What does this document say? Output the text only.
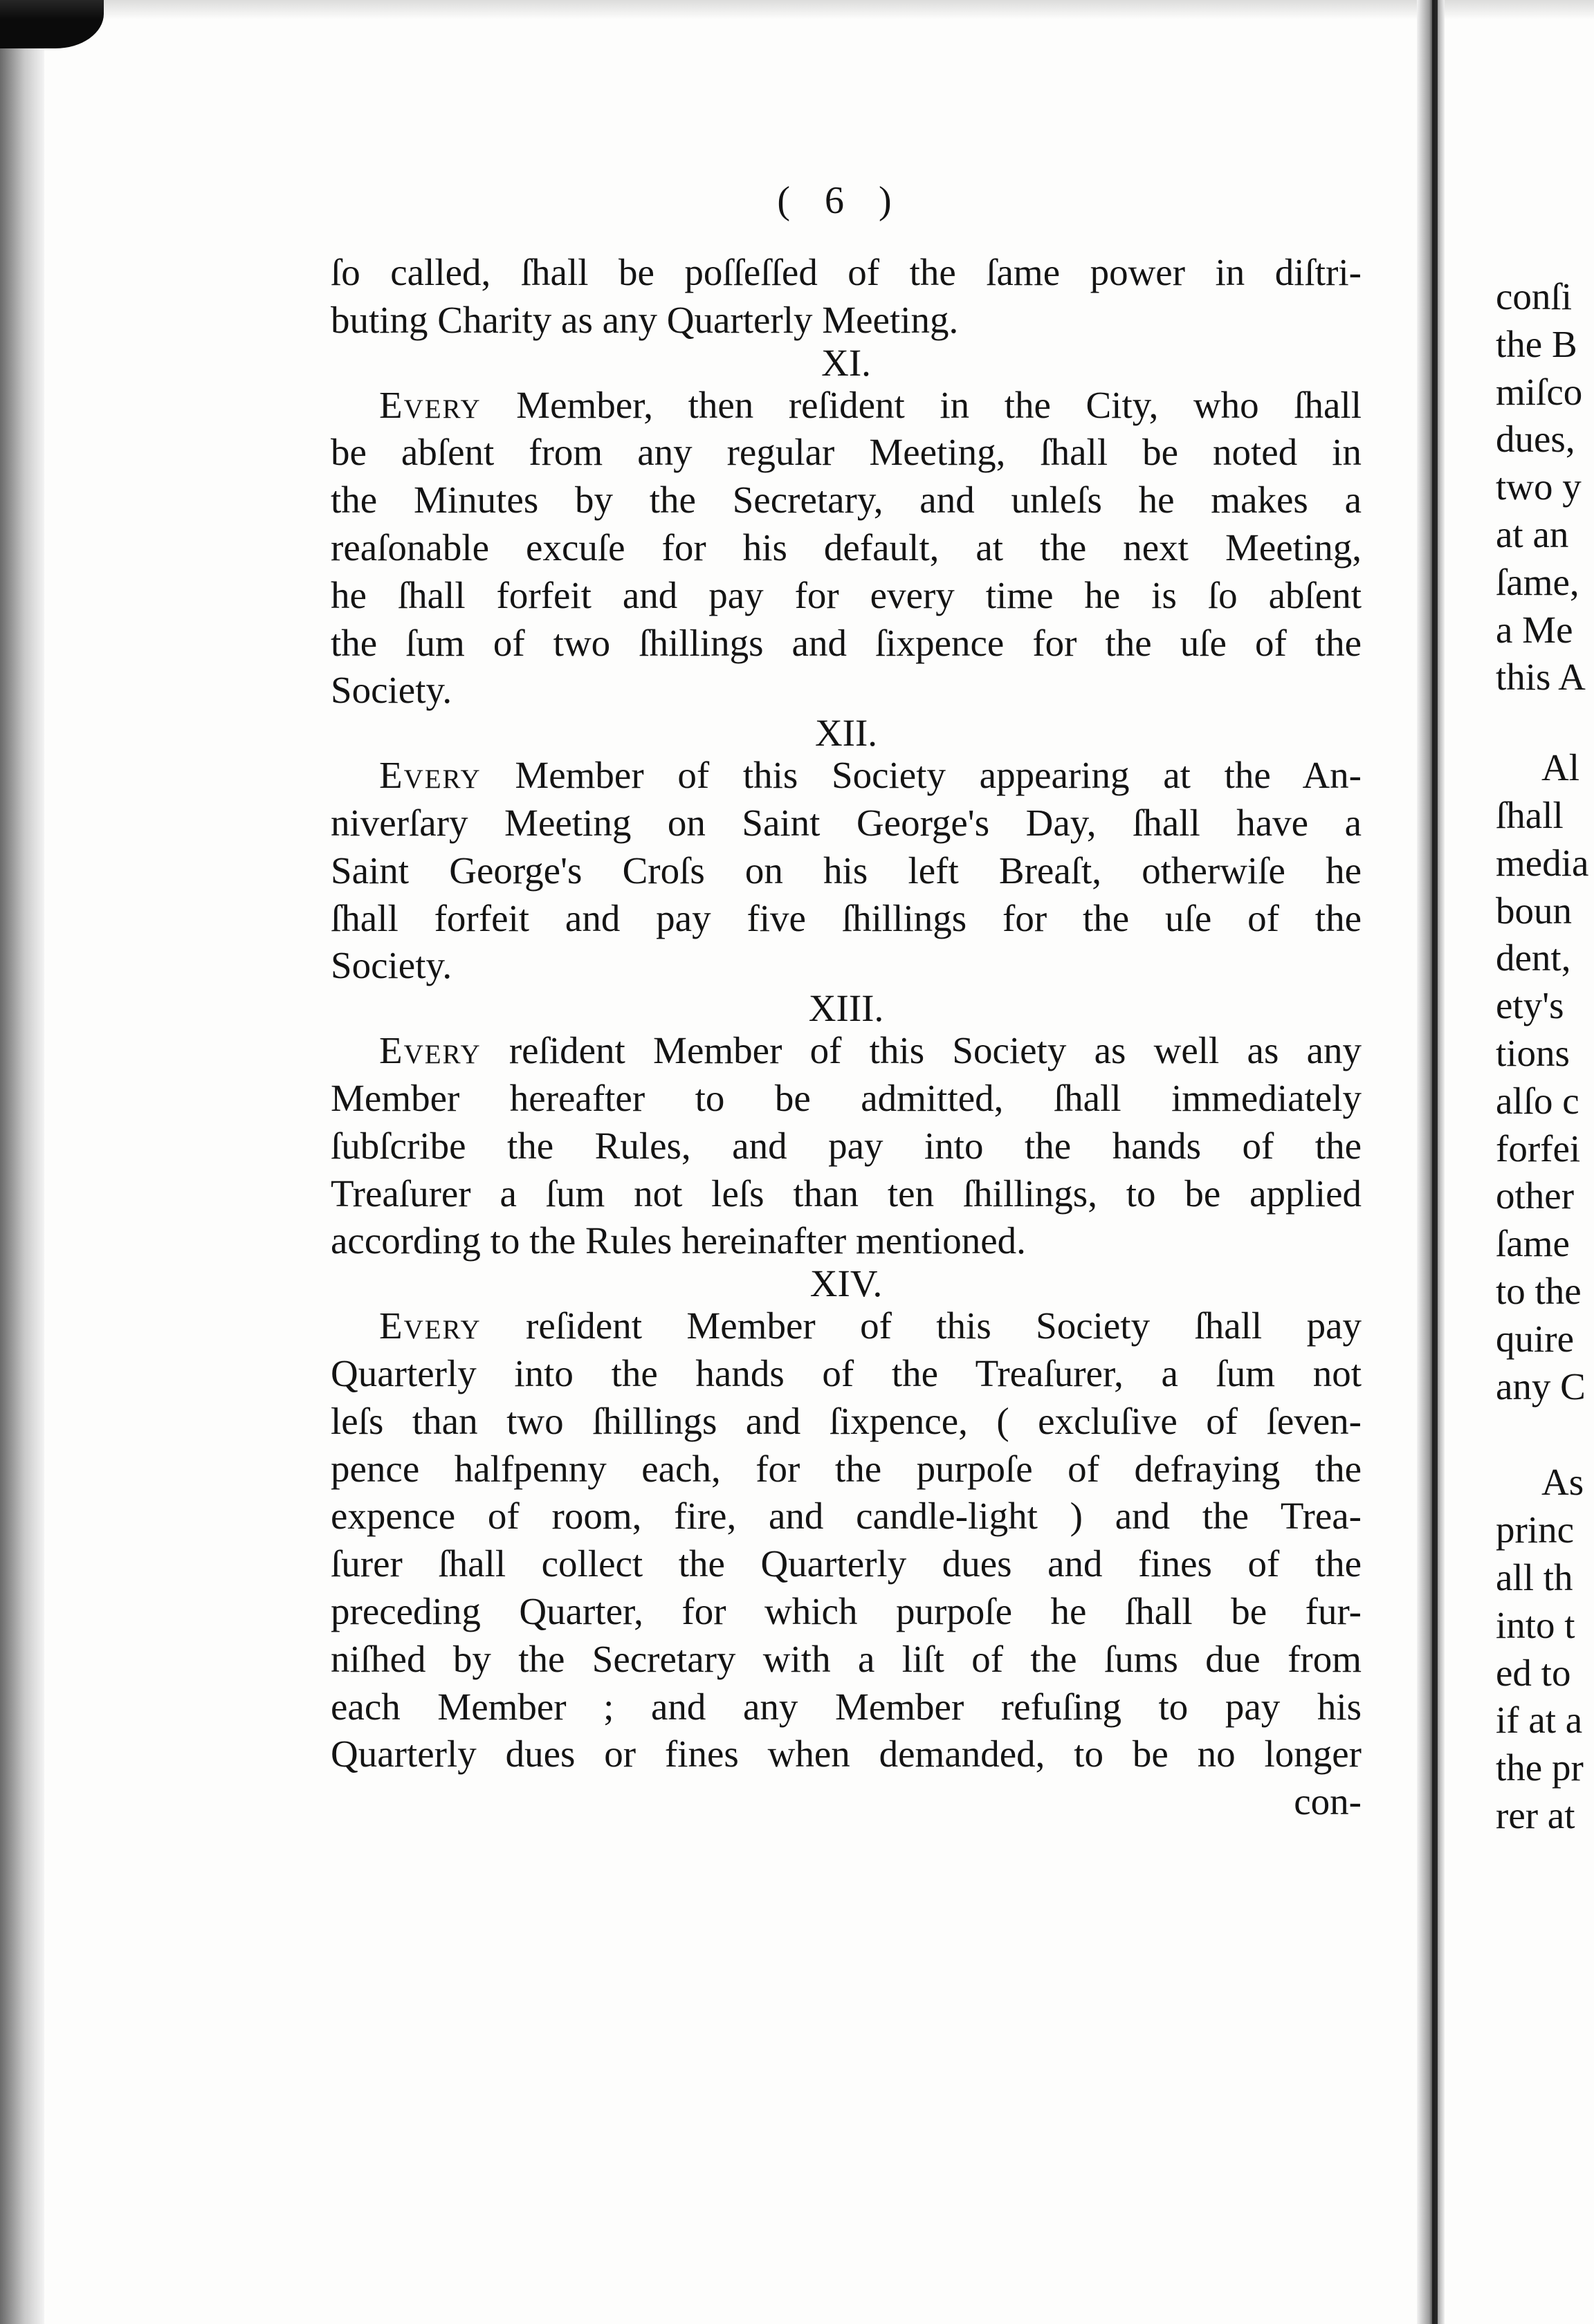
( 6 )
ſo called, ſhall be poſſeſſed of the ſame power in diſtri-
buting Charity as any Quarterly Meeting.
XI.
Every Member, then reſident in the City, who ſhall
be abſent from any regular Meeting, ſhall be noted in
the Minutes by the Secretary, and unleſs he makes a
reaſonable excuſe for his default, at the next Meeting,
he ſhall forfeit and pay for every time he is ſo abſent
the ſum of two ſhillings and ſixpence for the uſe of the
Society.
XII.
Every Member of this Society appearing at the An-
niverſary Meeting on Saint George's Day, ſhall have a
Saint George's Croſs on his left Breaſt, otherwiſe he
ſhall forfeit and pay five ſhillings for the uſe of the
Society.
XIII.
Every reſident Member of this Society as well as any
Member hereafter to be admitted, ſhall immediately
ſubſcribe the Rules, and pay into the hands of the
Treaſurer a ſum not leſs than ten ſhillings, to be applied
according to the Rules hereinafter mentioned.
XIV.
Every reſident Member of this Society ſhall pay
Quarterly into the hands of the Treaſurer, a ſum not
leſs than two ſhillings and ſixpence, ( excluſive of ſeven-
pence halfpenny each, for the purpoſe of defraying the
expence of room, fire, and candle-light ) and the Trea-
ſurer ſhall collect the Quarterly dues and fines of the
preceding Quarter, for which purpoſe he ſhall be fur-
niſhed by the Secretary with a liſt of the ſums due from
each Member ; and any Member refuſing to pay his
Quarterly dues or fines when demanded, to be no longer
con-
conſi
the B
miſco
dues,
two y
at an
ſame,
a Me
this A
Al
ſhall
media
boun
dent,
ety's
tions
alſo c
forfei
other
ſame
to the
quire
any C
As
princ
all th
into t
ed to
if at a
the pr
rer at
